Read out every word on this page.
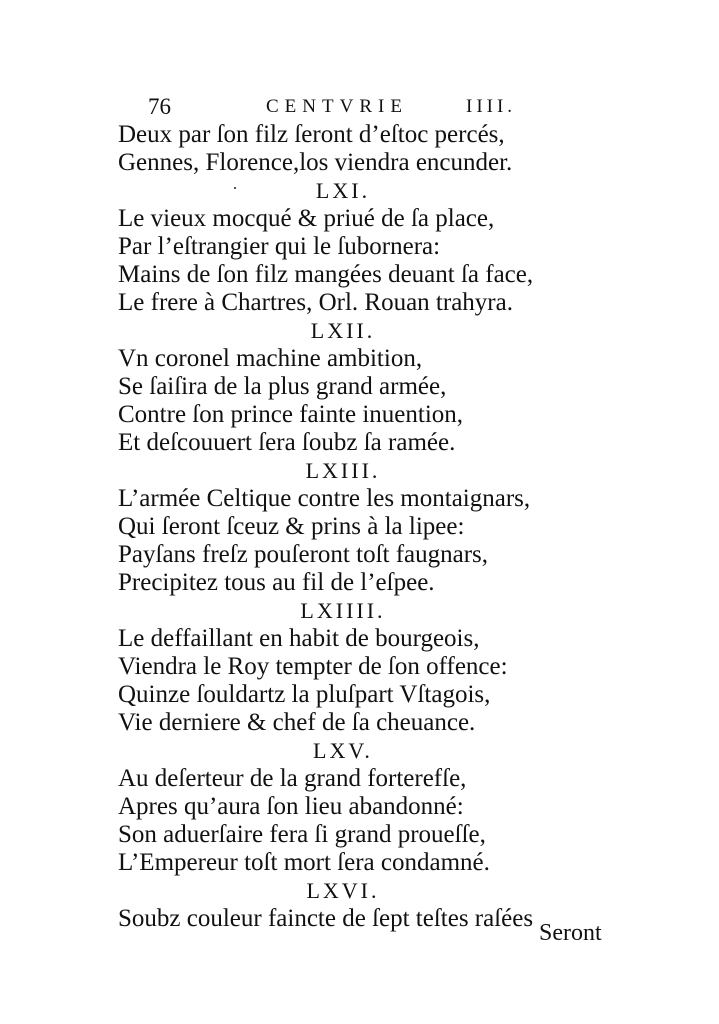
76	CENTVRIE	IIII.
Deux par ſon filz ſeront d’eſtoc percés,
Gennes, Florence,los viendra encunder.
LXI.
Le vieux mocqué & priué de ſa place,
Par l’eſtrangier qui le ſubornera:
Mains de ſon filz mangées deuant ſa face,
Le frere à Chartres, Orl. Rouan trahyra.
LXII.
Vn coronel machine ambition,
Se ſaiſira de la plus grand armée,
Contre ſon prince fainte inuention,
Et deſcouuert ſera ſoubz ſa ramée.
LXIII.
L’armée Celtique contre les montaignars,
Qui ſeront ſceuz & prins à la lipee:
Payſans freſz pouſeront toſt faugnars,
Precipitez tous au fil de l’eſpee.
LXIIII.
Le deffaillant en habit de bourgeois,
Viendra le Roy tempter de ſon offence:
Quinze ſouldartz la pluſpart Vſtagois,
Vie derniere & chef de ſa cheuance.
LXV.
Au deſerteur de la grand forterefſe,
Apres qu’aura ſon lieu abandonné:
Son aduerſaire fera ſi grand proueſſe,
L’Empereur toſt mort ſera condamné.
LXVI.
Soubz couleur faincte de ſept teſtes raſées
Seront
